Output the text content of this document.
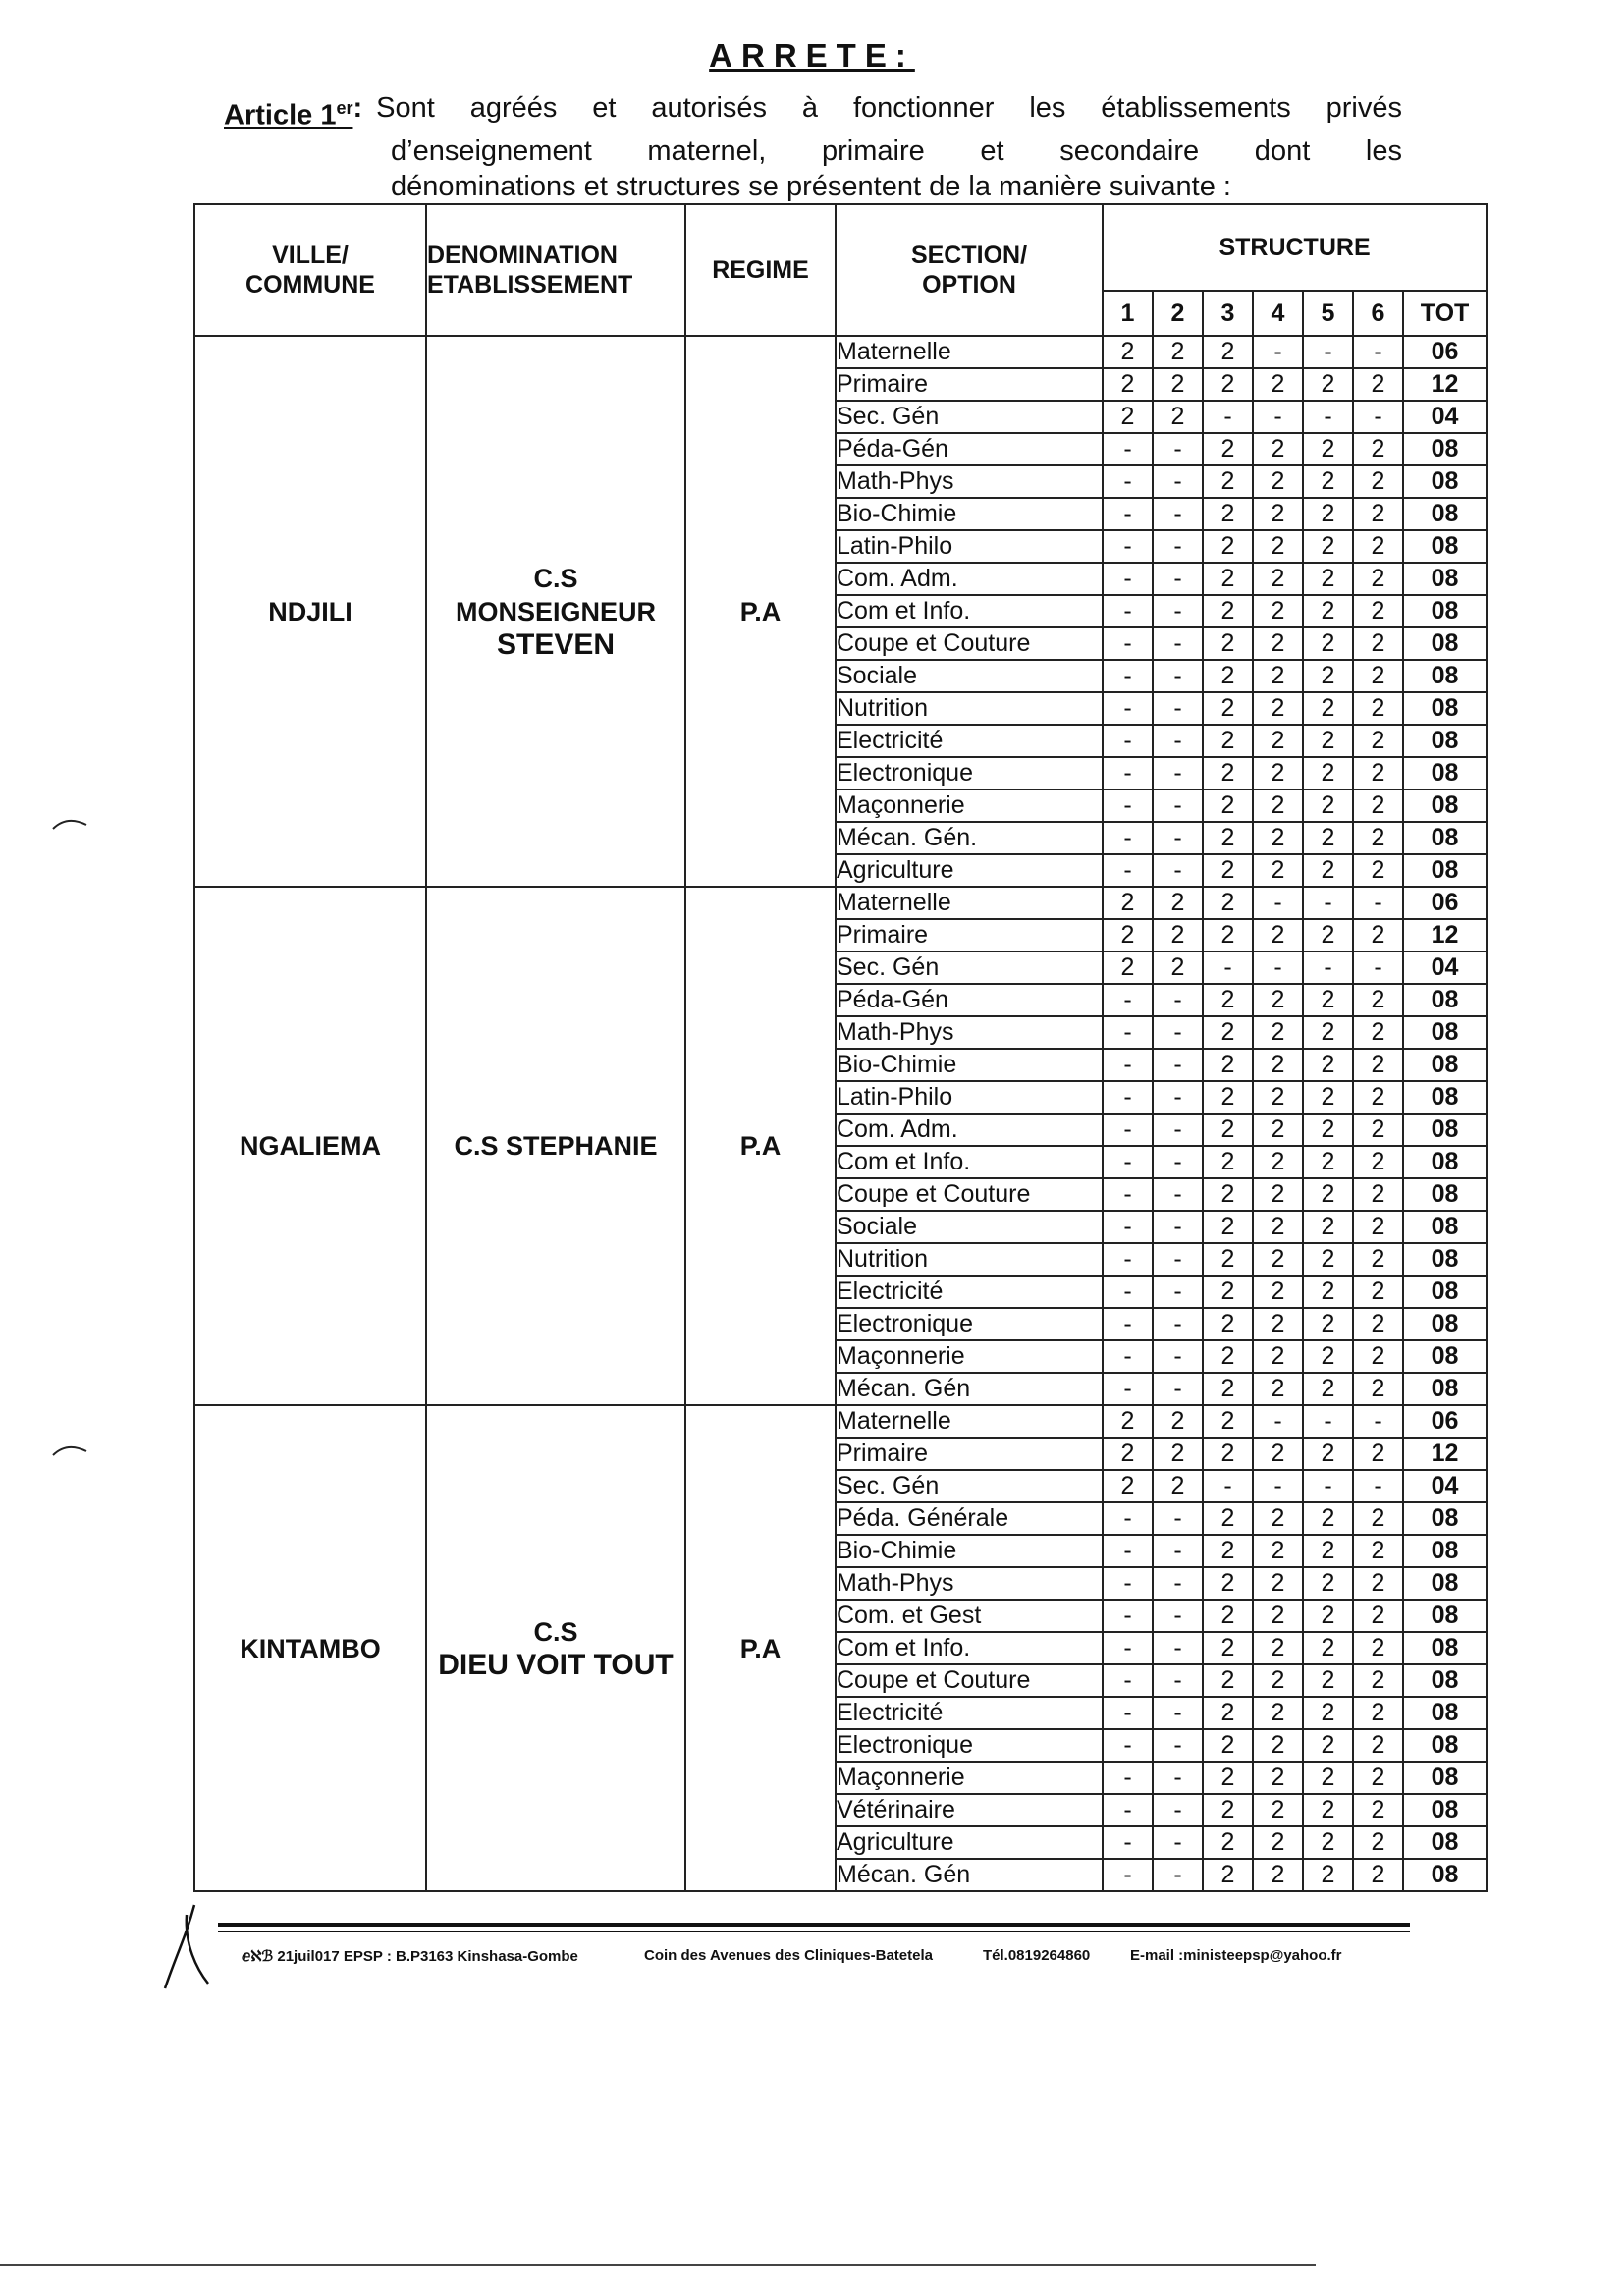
ARRETE:
Article 1er : Sont agréés et autorisés à fonctionner les établissements privés
d’enseignement maternel, primaire et secondaire dont les
dénominations et structures se présentent de la manière suivante :
VILLE/
COMMUNE	DENOMINATION
ETABLISSEMENT	REGIME	SECTION/
OPTION	STRUCTURE						
				1	2	3	4	5	6	TOT
NDJILI	C.S
MONSEIGNEUR
STEVEN	P.A	Maternelle	2	2	2	-	-	-	06
			Primaire	2	2	2	2	2	2	12
			Sec. Gén	2	2	-	-	-	-	04
			Péda-Gén	-	-	2	2	2	2	08
			Math-Phys	-	-	2	2	2	2	08
			Bio-Chimie	-	-	2	2	2	2	08
			Latin-Philo	-	-	2	2	2	2	08
			Com. Adm.	-	-	2	2	2	2	08
			Com et Info.	-	-	2	2	2	2	08
			Coupe et Couture	-	-	2	2	2	2	08
			Sociale	-	-	2	2	2	2	08
			Nutrition	-	-	2	2	2	2	08
			Electricité	-	-	2	2	2	2	08
			Electronique	-	-	2	2	2	2	08
			Maçonnerie	-	-	2	2	2	2	08
			Mécan. Gén.	-	-	2	2	2	2	08
			Agriculture	-	-	2	2	2	2	08
NGALIEMA	C.S STEPHANIE	P.A	Maternelle	2	2	2	-	-	-	06
			Primaire	2	2	2	2	2	2	12
			Sec. Gén	2	2	-	-	-	-	04
			Péda-Gén	-	-	2	2	2	2	08
			Math-Phys	-	-	2	2	2	2	08
			Bio-Chimie	-	-	2	2	2	2	08
			Latin-Philo	-	-	2	2	2	2	08
			Com. Adm.	-	-	2	2	2	2	08
			Com et Info.	-	-	2	2	2	2	08
			Coupe et Couture	-	-	2	2	2	2	08
			Sociale	-	-	2	2	2	2	08
			Nutrition	-	-	2	2	2	2	08
			Electricité	-	-	2	2	2	2	08
			Electronique	-	-	2	2	2	2	08
			Maçonnerie	-	-	2	2	2	2	08
			Mécan. Gén	-	-	2	2	2	2	08
KINTAMBO	C.S
DIEU VOIT TOUT	P.A	Maternelle	2	2	2	-	-	-	06
			Primaire	2	2	2	2	2	2	12
			Sec. Gén	2	2	-	-	-	-	04
			Péda. Générale	-	-	2	2	2	2	08
			Bio-Chimie	-	-	2	2	2	2	08
			Math-Phys	-	-	2	2	2	2	08
			Com. et Gest	-	-	2	2	2	2	08
			Com et Info.	-	-	2	2	2	2	08
			Coupe et Couture	-	-	2	2	2	2	08
			Electricité	-	-	2	2	2	2	08
			Electronique	-	-	2	2	2	2	08
			Maçonnerie	-	-	2	2	2	2	08
			Vétérinaire	-	-	2	2	2	2	08
			Agriculture	-	-	2	2	2	2	08
			Mécan. Gén	-	-	2	2	2	2	08
ⅇℵℬ 21juil017 EPSP : B.P3163 Kinshasa-Gombe	Coin des Avenues des Cliniques-Batetela	Tél.0819264860	E-mail :ministeepsp@yahoo.fr
